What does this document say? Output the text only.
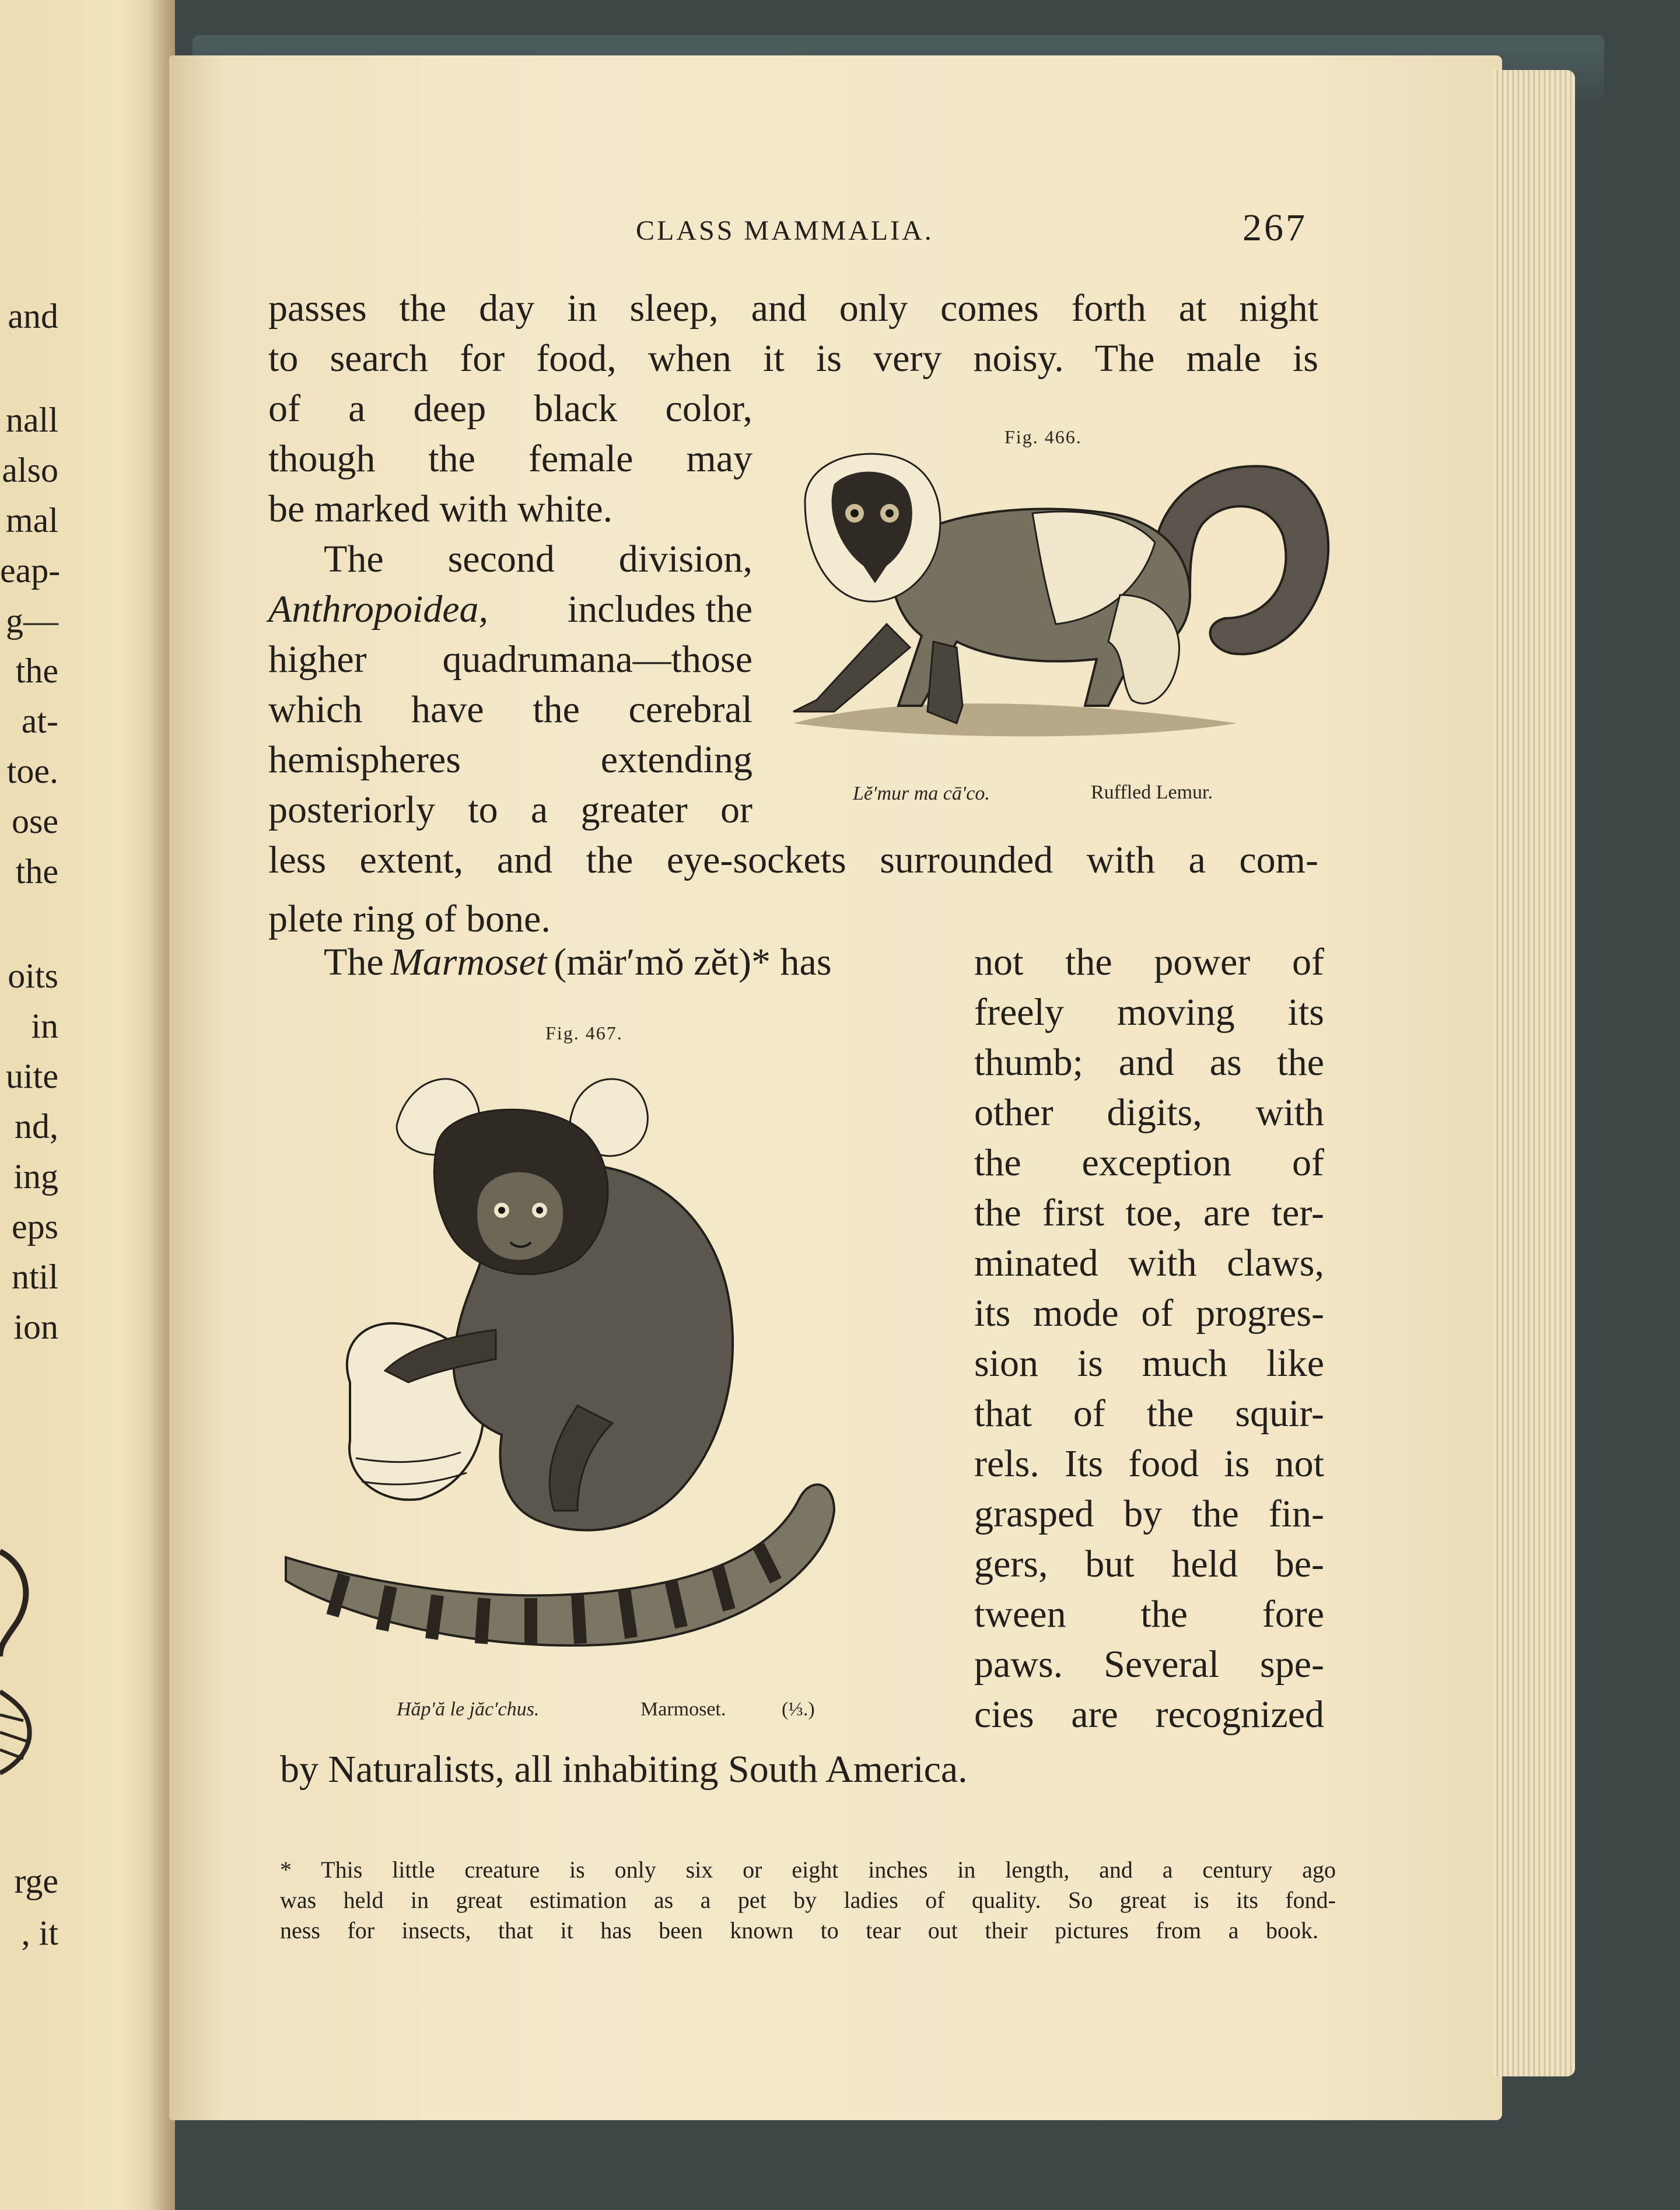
and
nall
also
mal
eap-
g—
the
at-
toe.
ose
the
oits
in
uite
nd,
ing
eps
ntil
ion
rge
, it
CLASS MAMMALIA.	267
passes the day in sleep, and only comes forth at night
to search for food, when it is very noisy. The male is
of a deep black color,
though the female may
be marked with white.
The second division,
Anthropoidea, includes the
higher quadrumana—those
which have the cerebral
hemispheres extending
posteriorly to a greater or
Fig. 466.
Lĕ′mur ma cā′co.	Ruffled Lemur.
less extent, and the eye-sockets surrounded with a com-
plete ring of bone.
The Marmoset (mär′mŏ zĕt)* has	not the power of
freely moving its
thumb; and as the
other digits, with
the exception of
the first toe, are ter-
minated with claws,
its mode of progres-
sion is much like
that of the squir-
rels. Its food is not
grasped by the fin-
gers, but held be-
tween the fore
paws. Several spe-
cies are recognized
Fig. 467.
Hăp′ă le jăc′chus.	Marmoset.	(⅓.)
by Naturalists, all inhabiting South America.
* This little creature is only six or eight inches in length, and a century ago
was held in great estimation as a pet by ladies of quality. So great is its fond-
ness for insects, that it has been known to tear out their pictures from a book.
